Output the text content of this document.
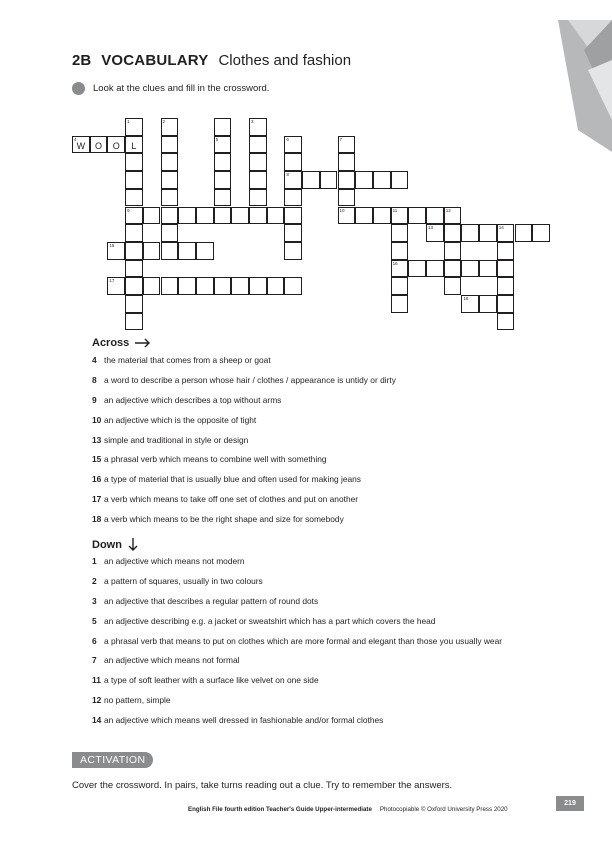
2B VOCABULARY Clothes and fashion
Look at the clues and fill in the crossword.
1
L
9
2	3
5
4
W	O	O
6
8
7
10	11	12
16
13	14
15
17
18
Across
4 the material that comes from a sheep or goat
8 a word to describe a person whose hair / clothes / appearance is untidy or dirty
9 an adjective which describes a top without arms
10 an adjective which is the opposite of tight
13 simple and traditional in style or design
15 a phrasal verb which means to combine well with something
16 a type of material that is usually blue and often used for making jeans
17 a verb which means to take off one set of clothes and put on another
18 a verb which means to be the right shape and size for somebody
Down
1 an adjective which means not modern
2 a pattern of squares, usually in two colours
3 an adjective that describes a regular pattern of round dots
5 an adjective describing e.g. a jacket or sweatshirt which has a part which covers the head
6 a phrasal verb that means to put on clothes which are more formal and elegant than those you usually wear
7 an adjective which means not formal
11 a type of soft leather with a surface like velvet on one side
12 no pattern, simple
14 an adjective which means well dressed in fashionable and/or formal clothes
ACTIVATION
Cover the crossword. In pairs, take turns reading out a clue. Try to remember the answers.
English File fourth edition Teacher's Guide Upper-intermediate Photocopiable © Oxford University Press 2020
219
